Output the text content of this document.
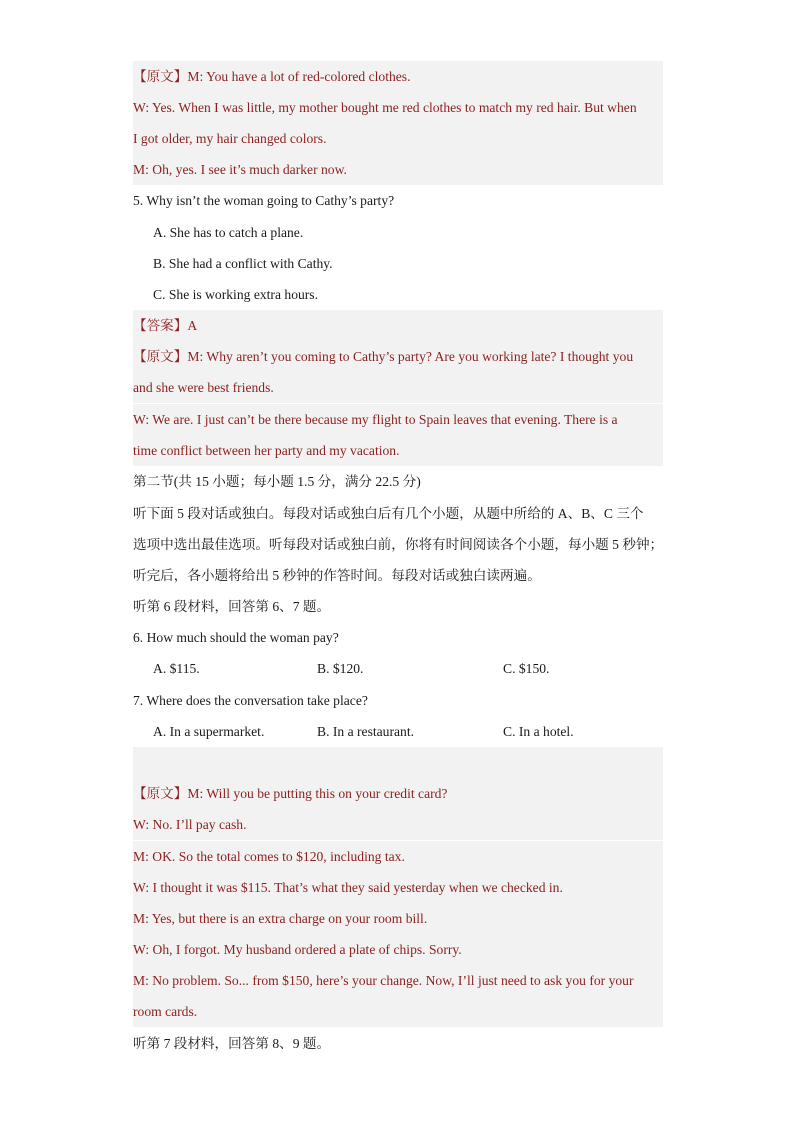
【原文】M: You have a lot of red-colored clothes.
W: Yes. When I was little, my mother bought me red clothes to match my red hair. But when
I got older, my hair changed colors.
M: Oh, yes. I see it’s much darker now.
5. Why isn’t the woman going to Cathy’s party?
A. She has to catch a plane.
B. She had a conflict with Cathy.
C. She is working extra hours.
【答案】A
【原文】M: Why aren’t you coming to Cathy’s party? Are you working late? I thought you
and she were best friends.
W: We are. I just can’t be there because my flight to Spain leaves that evening. There is a
time conflict between her party and my vacation.
第二节(共 15 小题；每小题 1.5 分，满分 22.5 分)
听下面 5 段对话或独白。每段对话或独白后有几个小题，从题中所给的 A、B、C 三个
选项中选出最佳选项。听每段对话或独白前，你将有时间阅读各个小题，每小题 5 秒钟；
听完后，各小题将给出 5 秒钟的作答时间。每段对话或独白读两遍。
听第 6 段材料，回答第 6、7 题。
6. How much should the woman pay?
A. $115.	B. $120.	C. $150.
7. Where does the conversation take place?
A. In a supermarket.	B. In a restaurant.	C. In a hotel.

【原文】M: Will you be putting this on your credit card?
W: No. I’ll pay cash.
M: OK. So the total comes to $120, including tax.
W: I thought it was $115. That’s what they said yesterday when we checked in.
M: Yes, but there is an extra charge on your room bill.
W: Oh, I forgot. My husband ordered a plate of chips. Sorry.
M: No problem. So... from $150, here’s your change. Now, I’ll just need to ask you for your
room cards.
听第 7 段材料，回答第 8、9 题。
